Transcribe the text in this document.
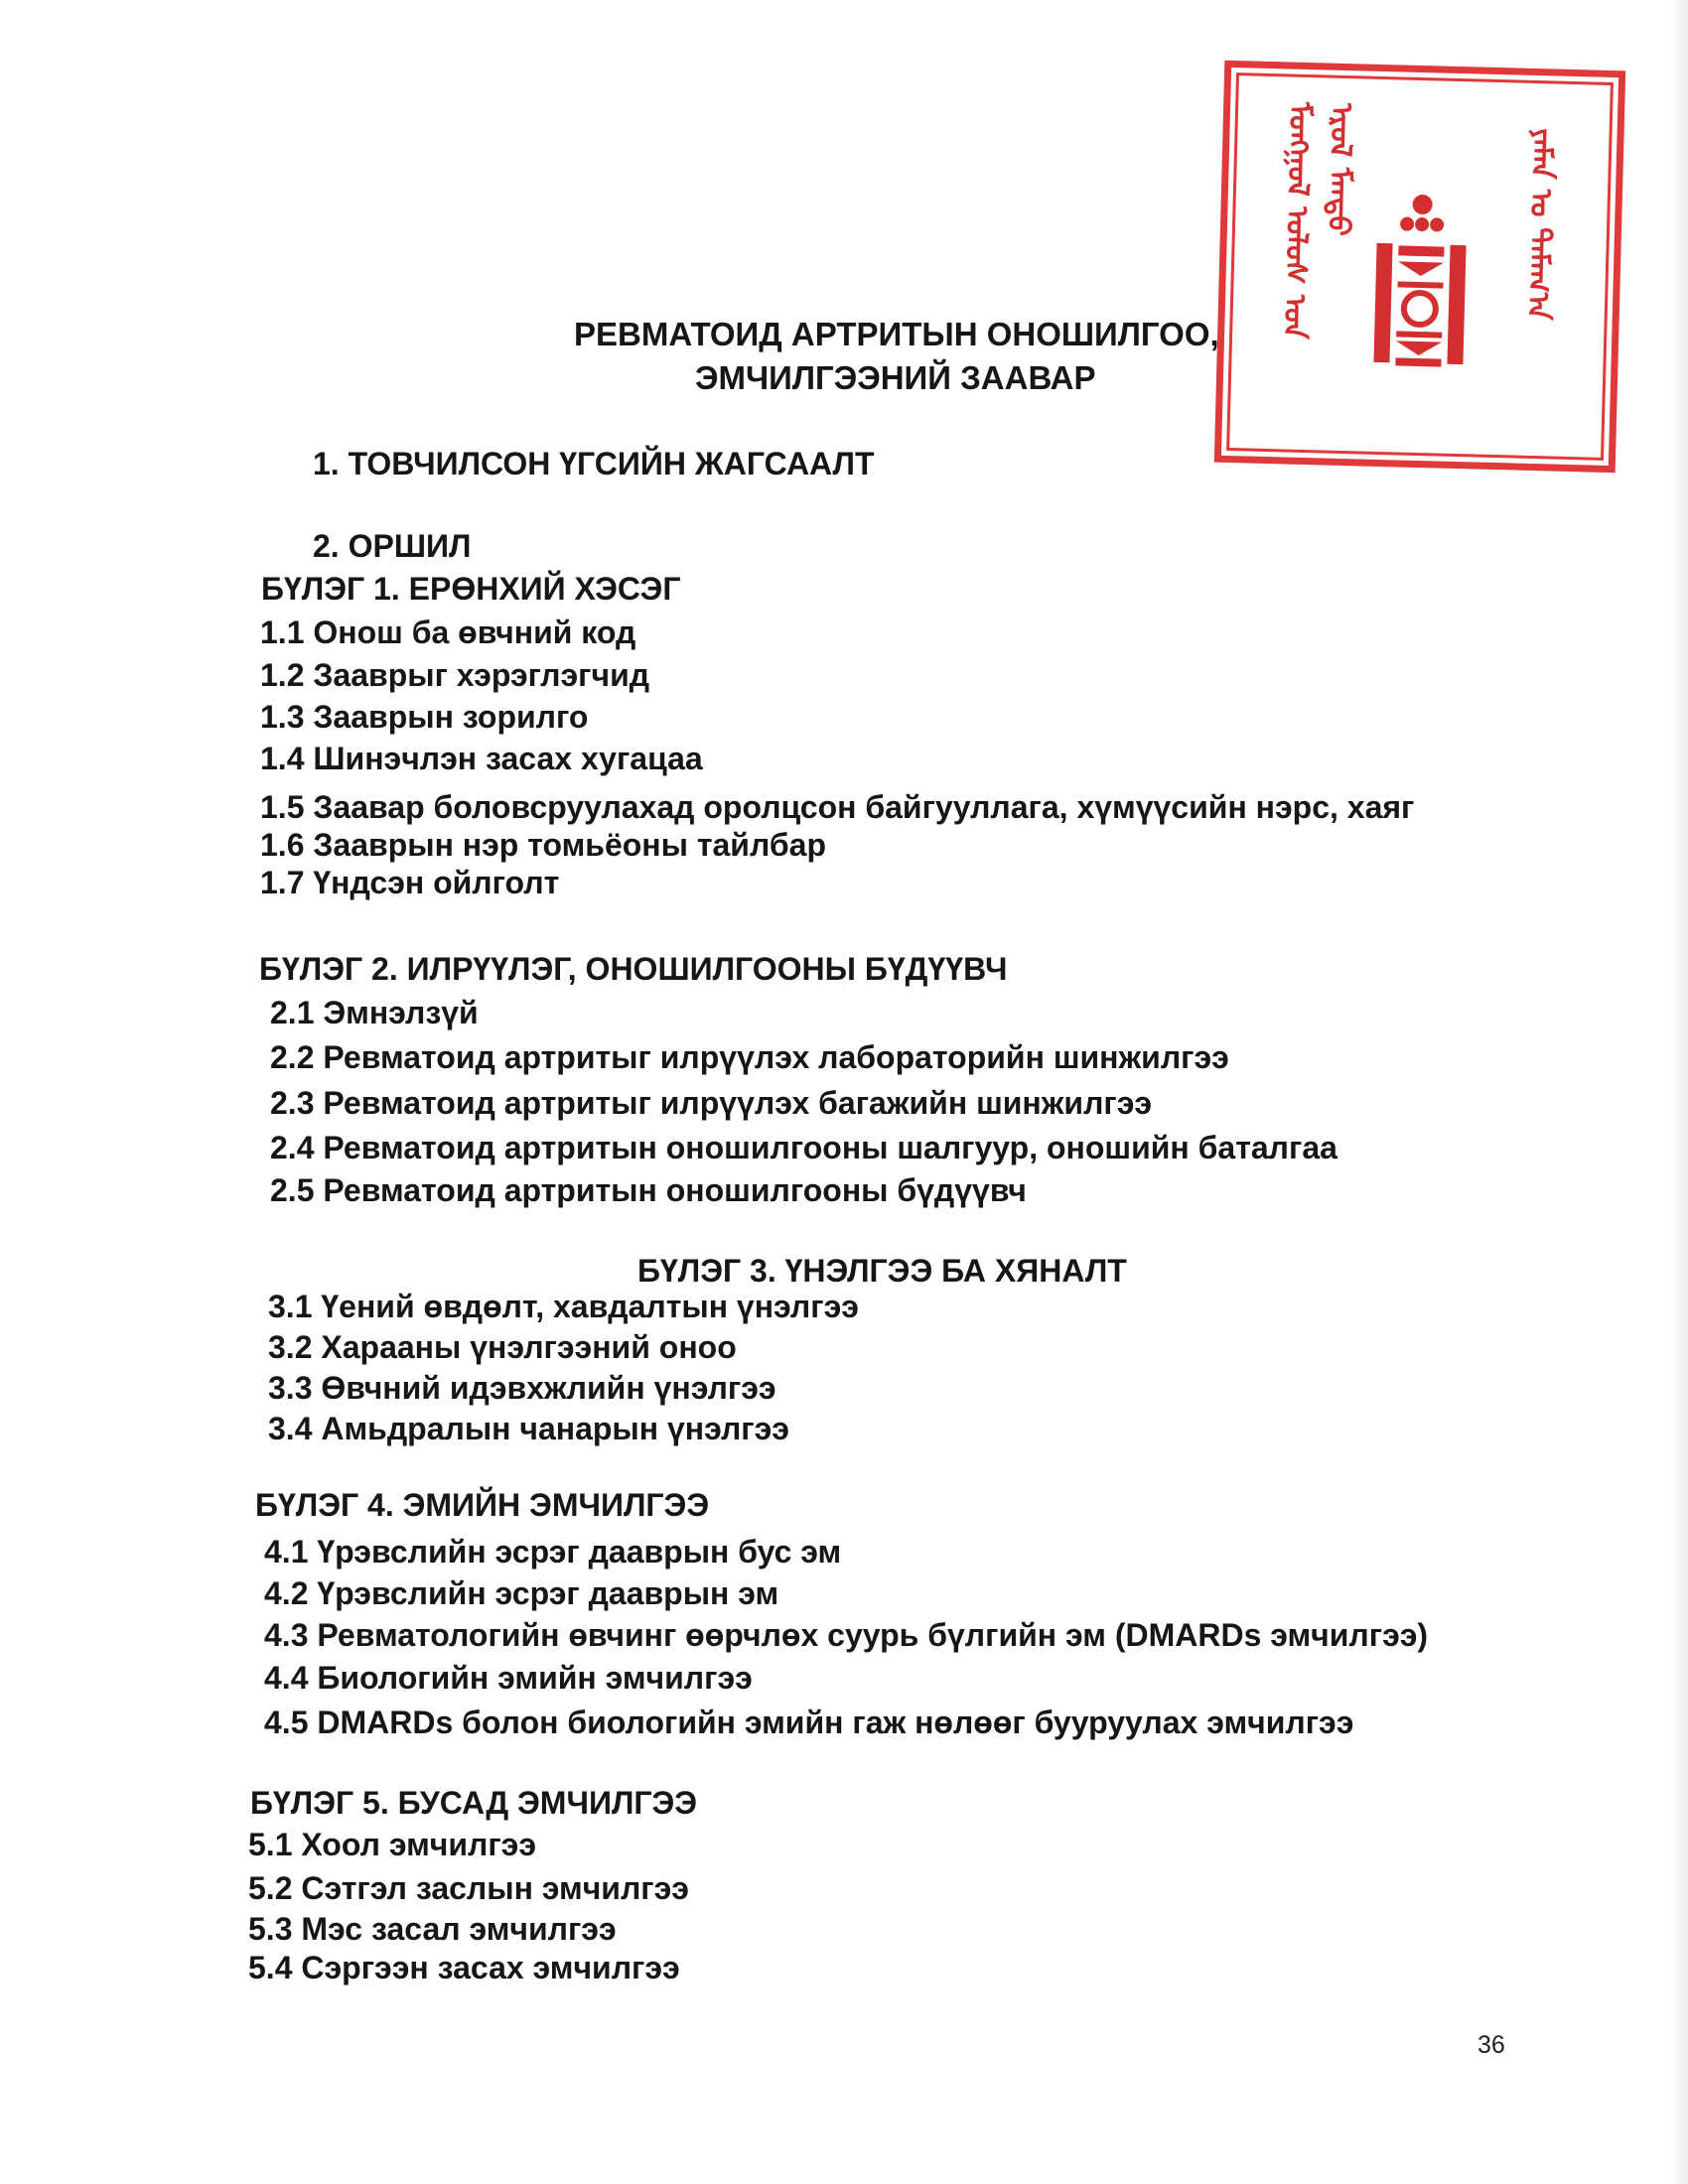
ᠮᠣᠩᠭᠣᠯ ᠤᠯᠤᠰ ᠤᠨ ᠡᠷᠦᠯ ᠮᠡᠨᠳᠦ	ᠶᠠᠮᠠᠨ ᠤ ᠲᠠᠮᠠᠭ᠎ᠠ
РЕВМАТОИД АРТРИТЫН ОНОШИЛГОО,
ЭМЧИЛГЭЭНИЙ ЗААВАР
1. ТОВЧИЛСОН ҮГСИЙН ЖАГСААЛТ
2. ОРШИЛ
БҮЛЭГ 1. ЕРӨНХИЙ ХЭСЭГ
1.1 Онош ба өвчний код
1.2 Зааврыг хэрэглэгчид
1.3 Зааврын зорилго
1.4 Шинэчлэн засах хугацаа
1.5 Заавар боловсруулахад оролцсон байгууллага, хүмүүсийн нэрс, хаяг
1.6 Зааврын нэр томьёоны тайлбар
1.7 Үндсэн ойлголт
БҮЛЭГ 2. ИЛРҮҮЛЭГ, ОНОШИЛГООНЫ БҮДҮҮВЧ
2.1 Эмнэлзүй
2.2 Ревматоид артритыг илрүүлэх лабораторийн шинжилгээ
2.3 Ревматоид артритыг илрүүлэх багажийн шинжилгээ
2.4 Ревматоид артритын оношилгооны шалгуур, оношийн баталгаа
2.5 Ревматоид артритын оношилгооны бүдүүвч
БҮЛЭГ 3. ҮНЭЛГЭЭ БА ХЯНАЛТ
3.1 Үений өвдөлт, хавдалтын үнэлгээ
3.2 Харааны үнэлгээний оноо
3.3 Өвчний идэвхжлийн үнэлгээ
3.4 Амьдралын чанарын үнэлгээ
БҮЛЭГ 4. ЭМИЙН ЭМЧИЛГЭЭ
4.1 Үрэвслийн эсрэг дааврын бус эм
4.2 Үрэвслийн эсрэг дааврын эм
4.3 Ревматологийн өвчинг өөрчлөх суурь бүлгийн эм (DMARDs эмчилгээ)
4.4 Биологийн эмийн эмчилгээ
4.5 DMARDs болон биологийн эмийн гаж нөлөөг бууруулах эмчилгээ
БҮЛЭГ 5. БУСАД ЭМЧИЛГЭЭ
5.1 Хоол эмчилгээ
5.2 Сэтгэл заслын эмчилгээ
5.3 Мэс засал эмчилгээ
5.4 Сэргээн засах эмчилгээ
36
